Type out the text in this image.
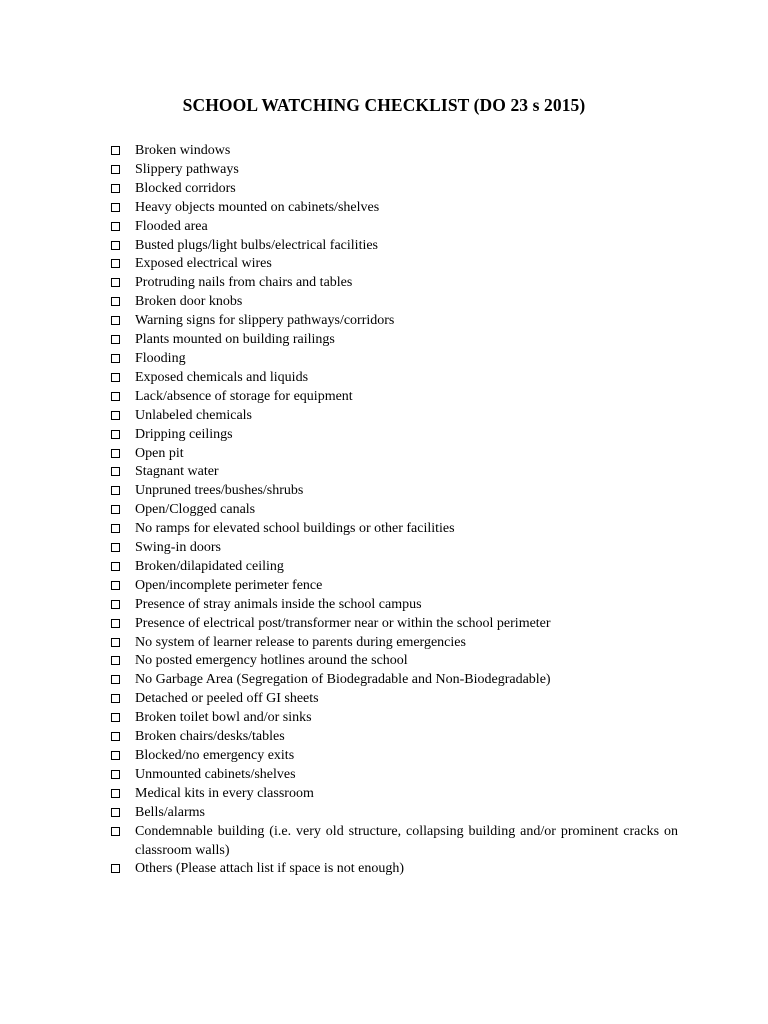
SCHOOL WATCHING CHECKLIST (DO 23 s 2015)
Broken windows
Slippery pathways
Blocked corridors
Heavy objects mounted on cabinets/shelves
Flooded area
Busted plugs/light bulbs/electrical facilities
Exposed electrical wires
Protruding nails from chairs and tables
Broken door knobs
Warning signs for slippery pathways/corridors
Plants mounted on building railings
Flooding
Exposed chemicals and liquids
Lack/absence of storage for equipment
Unlabeled chemicals
Dripping ceilings
Open pit
Stagnant water
Unpruned trees/bushes/shrubs
Open/Clogged canals
No ramps for elevated school buildings or other facilities
Swing-in doors
Broken/dilapidated ceiling
Open/incomplete perimeter fence
Presence of stray animals inside the school campus
Presence of electrical post/transformer near or within the school perimeter
No system of learner release to parents during emergencies
No posted emergency hotlines around the school
No Garbage Area (Segregation of Biodegradable and Non-Biodegradable)
Detached or peeled off GI sheets
Broken toilet bowl and/or sinks
Broken chairs/desks/tables
Blocked/no emergency exits
Unmounted cabinets/shelves
Medical kits in every classroom
Bells/alarms
Condemnable building (i.e. very old structure, collapsing building and/or prominent cracks on classroom walls)
Others (Please attach list if space is not enough)
